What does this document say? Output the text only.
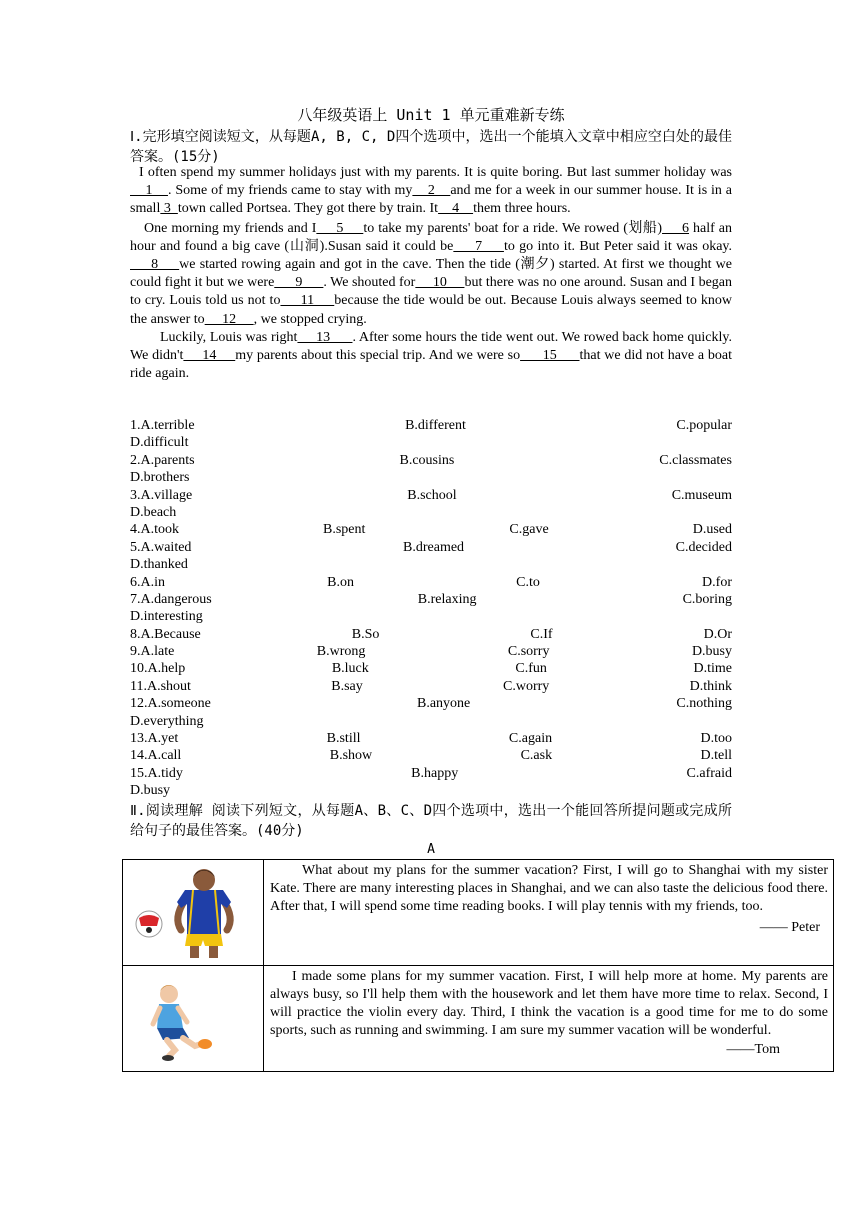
八年级英语上 Unit 1 单元重难新专练
Ⅰ.完形填空阅读短文，从每题A, B, C, D四个选项中，选出一个能填入文章中相应空白处的最佳答案。(15分)

I often spend my summer holidays just with my parents. It is quite boring. But last summer holiday was    1    . Some of my friends came to stay with my    2    and me for a week in our summer house. It is in a small 3  town called Portsea. They got there by train. It    4    them three hours.

One morning my friends and I     5     to take my parents' boat for a ride. We rowed (划船)     6 half an hour and found a big cave (山洞).Susan said it could be     7     to go into it. But Peter said it was okay.     8     we started rowing again and got in the cave. Then the tide (潮夕) started. At first we thought we could fight it but we were      9      . We shouted for     10     but there was no one around. Susan and I began to cry. Louis told us not to     11     because the tide would be out. Because Louis always seemed to know the answer to     12     , we stopped crying.

Luckily, Louis was right     13      . After some hours the tide went out. We rowed back home quickly. We didn't     14     my parents about this special trip. And we were so      15      that we did not have a boat ride again.

1.A.terrible	B.different	C.popular
D.difficult
2.A.parents	B.cousins	C.classmates
D.brothers
3.A.village	B.school	C.museum
D.beach
4.A.took	B.spent	C.gave	D.used
5.A.waited	B.dreamed	C.decided
D.thanked
6.A.in	B.on	C.to	D.for
7.A.dangerous	B.relaxing	C.boring
D.interesting
8.A.Because	B.So	C.If	D.Or
9.A.late	B.wrong	C.sorry	D.busy
10.A.help	B.luck	C.fun	D.time
11.A.shout	B.say	C.worry	D.think
12.A.someone	B.anyone	C.nothing
D.everything
13.A.yet	B.still	C.again	D.too
14.A.call	B.show	C.ask	D.tell
15.A.tidy	B.happy	C.afraid
D.busy
Ⅱ.阅读理解 阅读下列短文，从每题A、B、C、D四个选项中，选出一个能回答所提问题或完成所给句子的最佳答案。(40分)
A

What about my plans for the summer vacation? First, I will go to Shanghai with my sister Kate. There are many interesting places in Shanghai, and we can also taste the delicious food there. After that, I will spend some time reading books. I will play tennis with my friends, too.

—— Peter

I made some plans for my summer vacation. First, I will help more at home. My parents are always busy, so I'll help them with the housework and let them have more time to relax. Second, I will practice the violin every day. Third, I think the vacation is a good time for me to do some sports, such as running and swimming. I am sure my summer vacation will be wonderful.

——Tom
